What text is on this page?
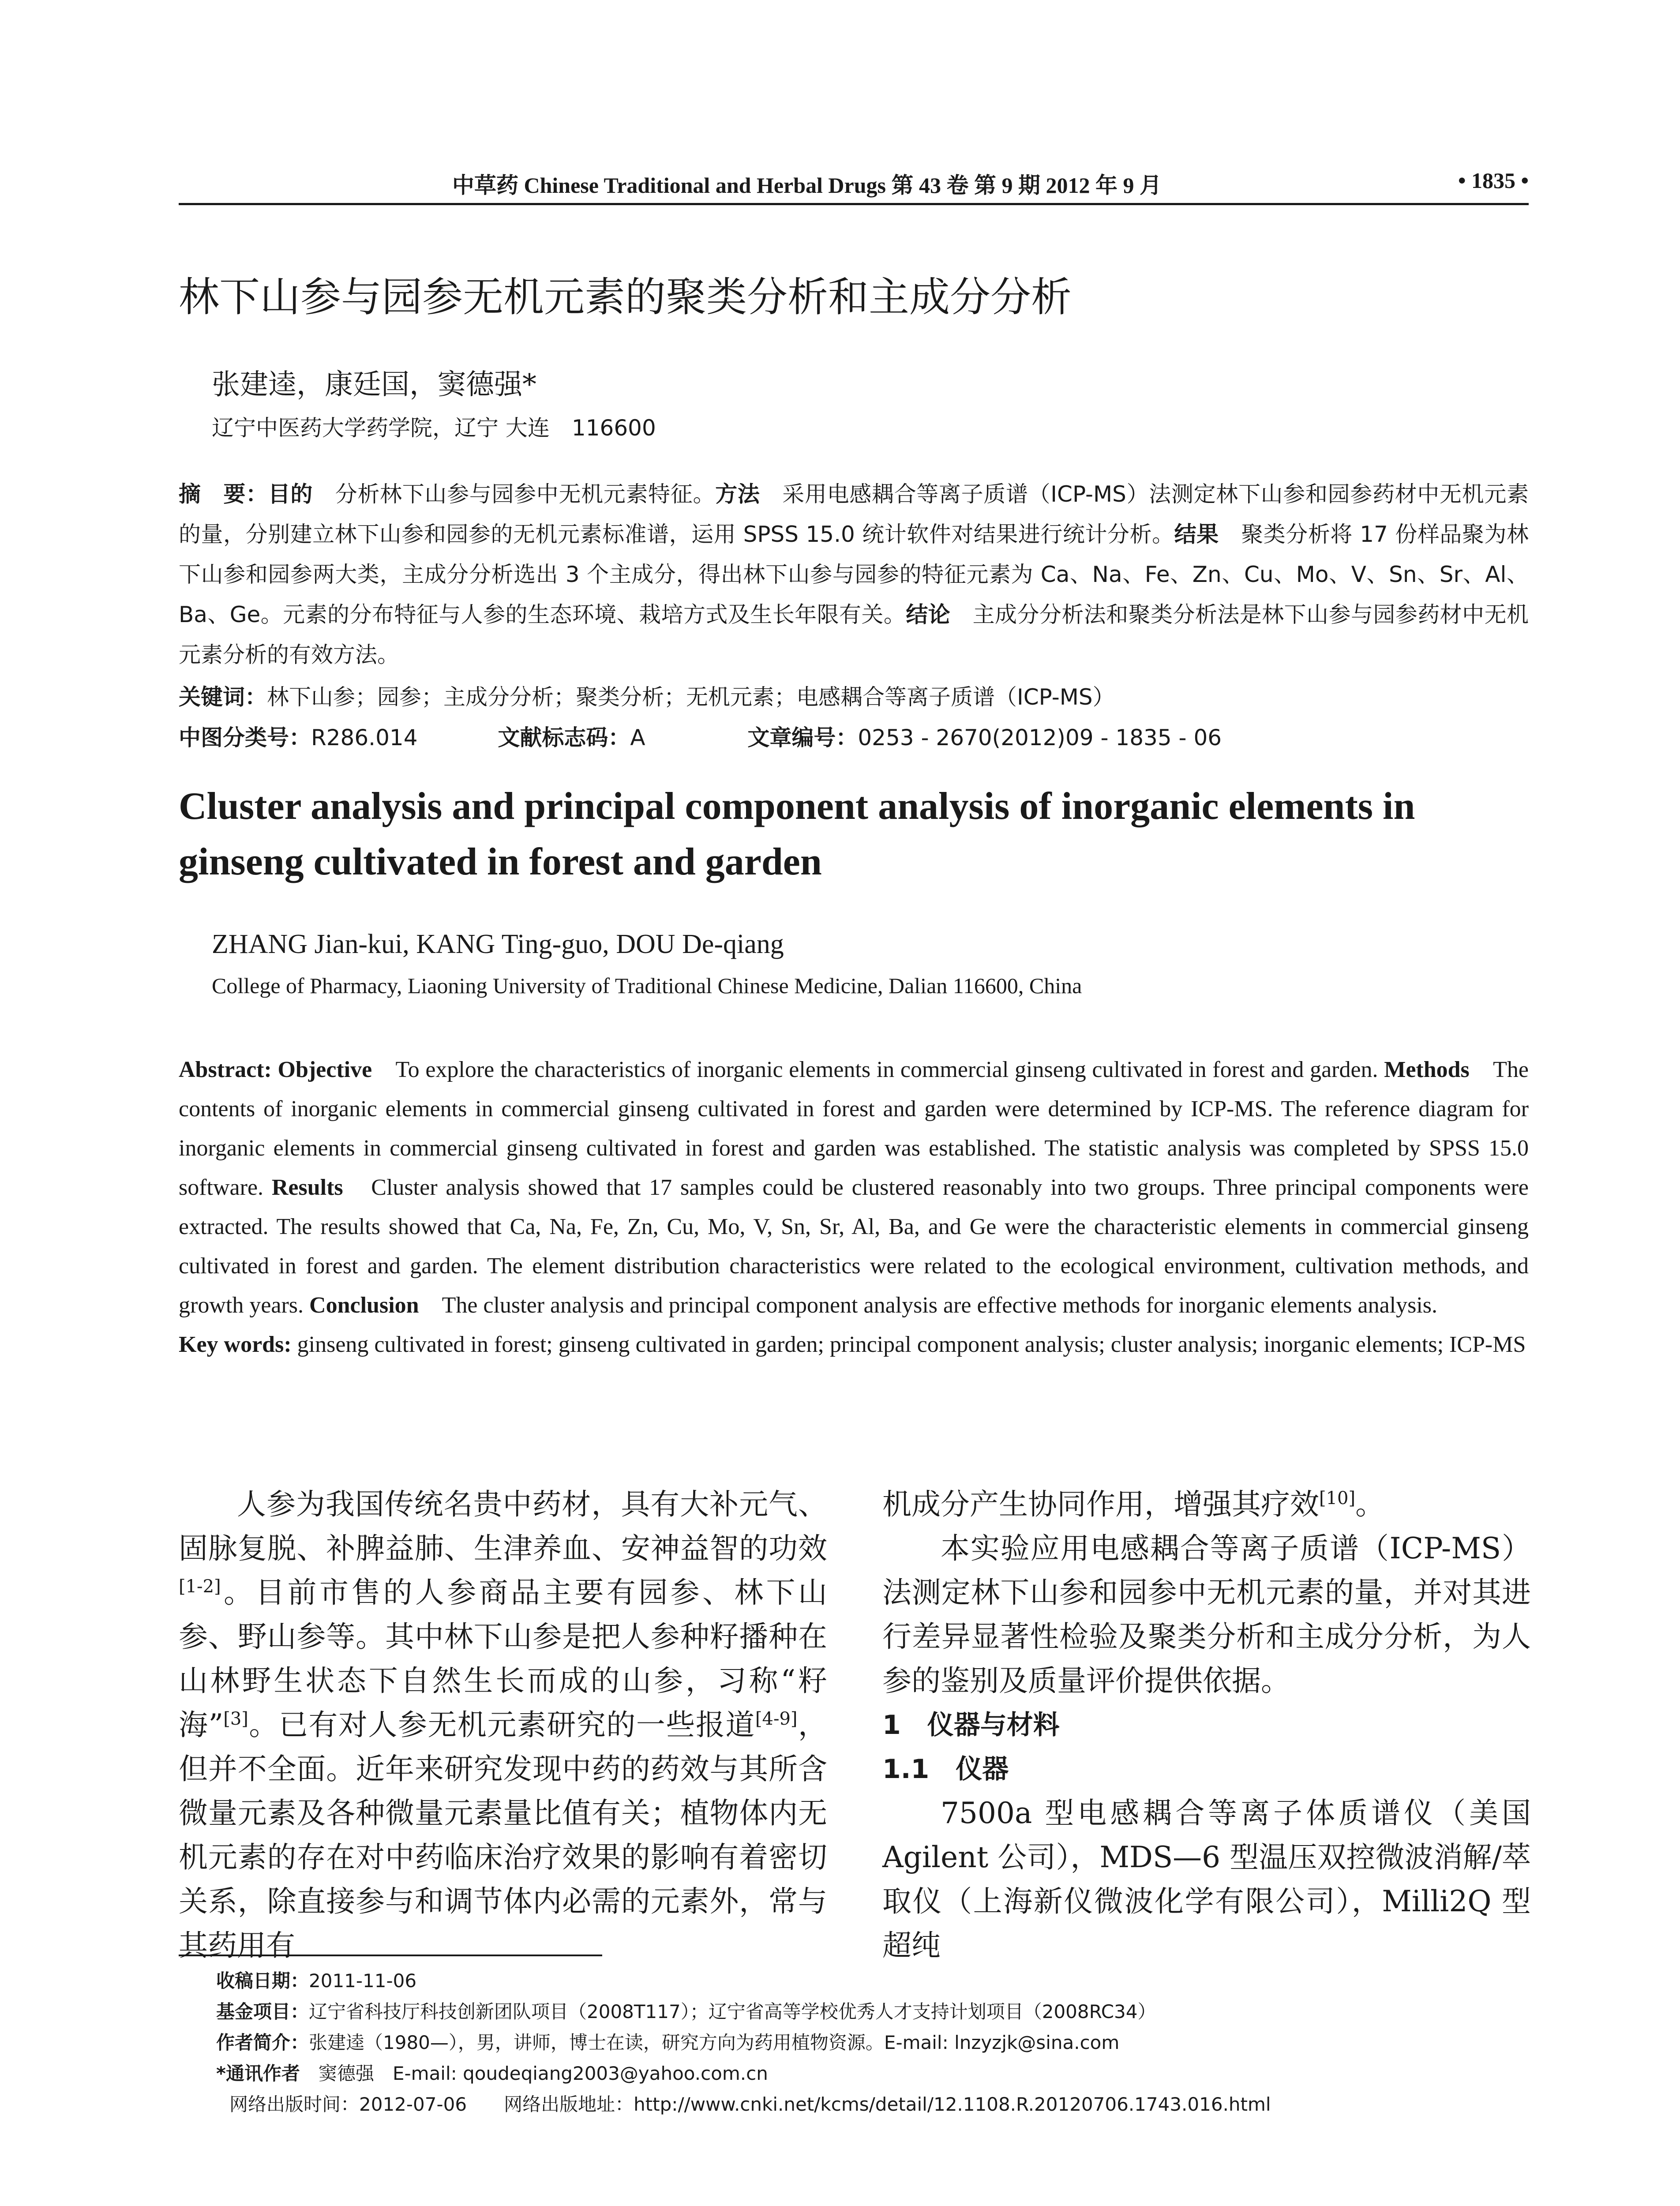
中草药 Chinese Traditional and Herbal Drugs 第 43 卷 第 9 期 2012 年 9 月	• 1835 •
林下山参与园参无机元素的聚类分析和主成分分析
张建逵，康廷国，窦德强*
辽宁中医药大学药学院，辽宁 大连　116600
摘　要：目的　分析林下山参与园参中无机元素特征。方法　采用电感耦合等离子质谱（ICP-MS）法测定林下山参和园参药材中无机元素的量，分别建立林下山参和园参的无机元素标准谱，运用 SPSS 15.0 统计软件对结果进行统计分析。结果　聚类分析将 17 份样品聚为林下山参和园参两大类，主成分分析选出 3 个主成分，得出林下山参与园参的特征元素为 Ca、Na、Fe、Zn、Cu、Mo、V、Sn、Sr、Al、Ba、Ge。元素的分布特征与人参的生态环境、栽培方式及生长年限有关。结论　主成分分析法和聚类分析法是林下山参与园参药材中无机元素分析的有效方法。
关键词：林下山参；园参；主成分分析；聚类分析；无机元素；电感耦合等离子质谱（ICP-MS）
中图分类号：R286.014	文献标志码：A	文章编号：0253 - 2670(2012)09 - 1835 - 06
Cluster analysis and principal component analysis of inorganic elements in ginseng cultivated in forest and garden
ZHANG Jian-kui, KANG Ting-guo, DOU De-qiang
College of Pharmacy, Liaoning University of Traditional Chinese Medicine, Dalian 116600, China
Abstract: Objective　To explore the characteristics of inorganic elements in commercial ginseng cultivated in forest and garden. Methods　The contents of inorganic elements in commercial ginseng cultivated in forest and garden were determined by ICP-MS. The reference diagram for inorganic elements in commercial ginseng cultivated in forest and garden was established. The statistic analysis was completed by SPSS 15.0 software. Results　Cluster analysis showed that 17 samples could be clustered reasonably into two groups. Three principal components were extracted. The results showed that Ca, Na, Fe, Zn, Cu, Mo, V, Sn, Sr, Al, Ba, and Ge were the characteristic elements in commercial ginseng cultivated in forest and garden. The element distribution characteristics were related to the ecological environment, cultivation methods, and growth years. Conclusion　The cluster analysis and principal component analysis are effective methods for inorganic elements analysis.
Key words: ginseng cultivated in forest; ginseng cultivated in garden; principal component analysis; cluster analysis; inorganic elements; ICP-MS

人参为我国传统名贵中药材，具有大补元气、固脉复脱、补脾益肺、生津养血、安神益智的功效[1-2]。目前市售的人参商品主要有园参、林下山参、野山参等。其中林下山参是把人参种籽播种在山林野生状态下自然生长而成的山参，习称“籽海”[3]。已有对人参无机元素研究的一些报道[4-9]，但并不全面。近年来研究发现中药的药效与其所含微量元素及各种微量元素量比值有关；植物体内无机元素的存在对中药临床治疗效果的影响有着密切关系，除直接参与和调节体内必需的元素外，常与其药用有

机成分产生协同作用，增强其疗效[10]。

本实验应用电感耦合等离子质谱（ICP-MS）法测定林下山参和园参中无机元素的量，并对其进行差异显著性检验及聚类分析和主成分分析，为人参的鉴别及质量评价提供依据。

1　仪器与材料

1.1　仪器

7500a 型电感耦合等离子体质谱仪（美国 Agilent 公司），MDS—6 型温压双控微波消解/萃取仪（上海新仪微波化学有限公司），Milli2Q 型超纯

收稿日期：2011-11-06
基金项目：辽宁省科技厅科技创新团队项目（2008T117）；辽宁省高等学校优秀人才支持计划项目（2008RC34）
作者简介：张建逵（1980—），男，讲师，博士在读，研究方向为药用植物资源。E-mail: lnzyzjk@sina.com
*通讯作者　窦德强　E-mail: qoudeqiang2003@yahoo.com.cn
网络出版时间：2012-07-06　　网络出版地址：http://www.cnki.net/kcms/detail/12.1108.R.20120706.1743.016.html
